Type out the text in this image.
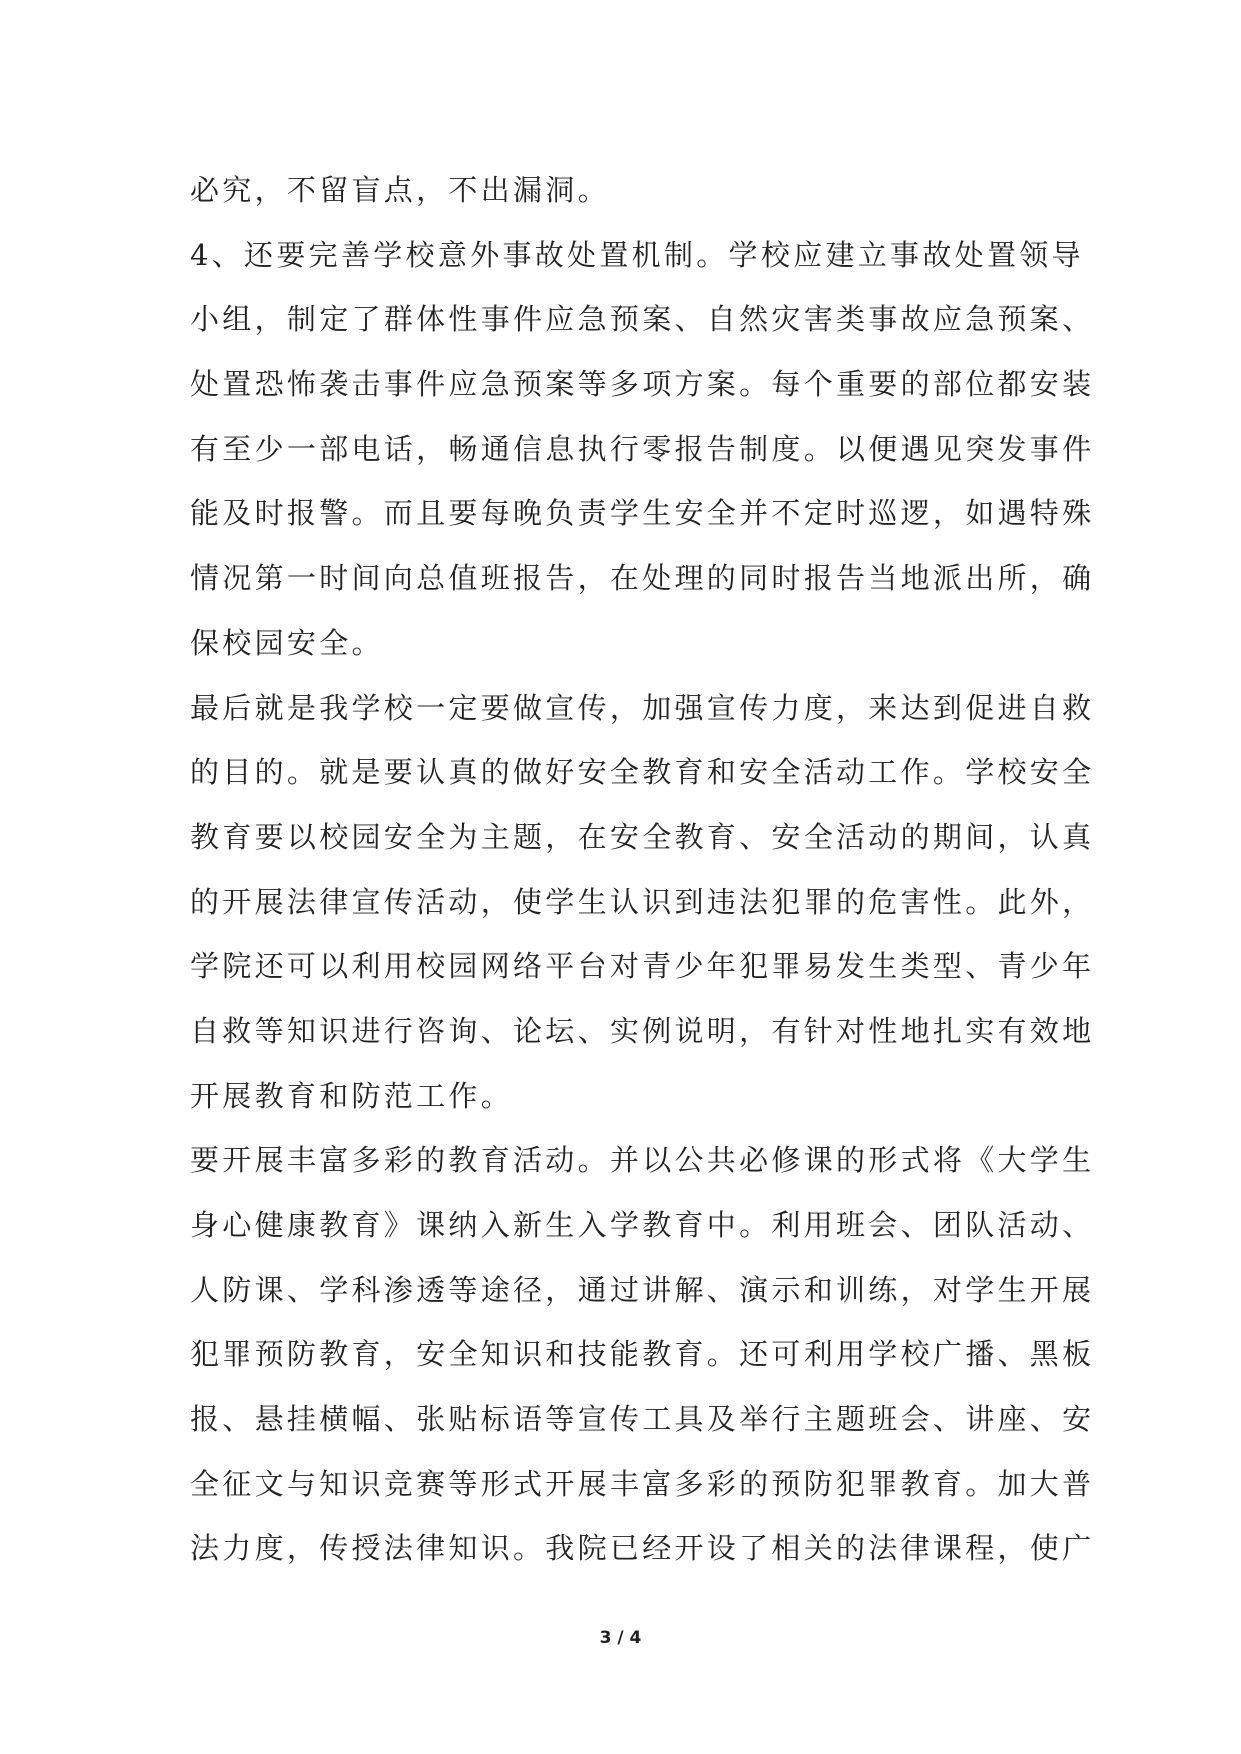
必究，不留盲点，不出漏洞。
4、还要完善学校意外事故处置机制。学校应建立事故处置领导
小组，制定了群体性事件应急预案、自然灾害类事故应急预案、
处置恐怖袭击事件应急预案等多项方案。每个重要的部位都安装
有至少一部电话，畅通信息执行零报告制度。以便遇见突发事件
能及时报警。而且要每晚负责学生安全并不定时巡逻，如遇特殊
情况第一时间向总值班报告，在处理的同时报告当地派出所，确
保校园安全。
最后就是我学校一定要做宣传，加强宣传力度，来达到促进自救
的目的。就是要认真的做好安全教育和安全活动工作。学校安全
教育要以校园安全为主题，在安全教育、安全活动的期间，认真
的开展法律宣传活动，使学生认识到违法犯罪的危害性。此外，
学院还可以利用校园网络平台对青少年犯罪易发生类型、青少年
自救等知识进行咨询、论坛、实例说明，有针对性地扎实有效地
开展教育和防范工作。
要开展丰富多彩的教育活动。并以公共必修课的形式将《大学生
身心健康教育》课纳入新生入学教育中。利用班会、团队活动、
人防课、学科渗透等途径，通过讲解、演示和训练，对学生开展
犯罪预防教育，安全知识和技能教育。还可利用学校广播、黑板
报、悬挂横幅、张贴标语等宣传工具及举行主题班会、讲座、安
全征文与知识竞赛等形式开展丰富多彩的预防犯罪教育。加大普
法力度，传授法律知识。我院已经开设了相关的法律课程，使广
3 / 4
